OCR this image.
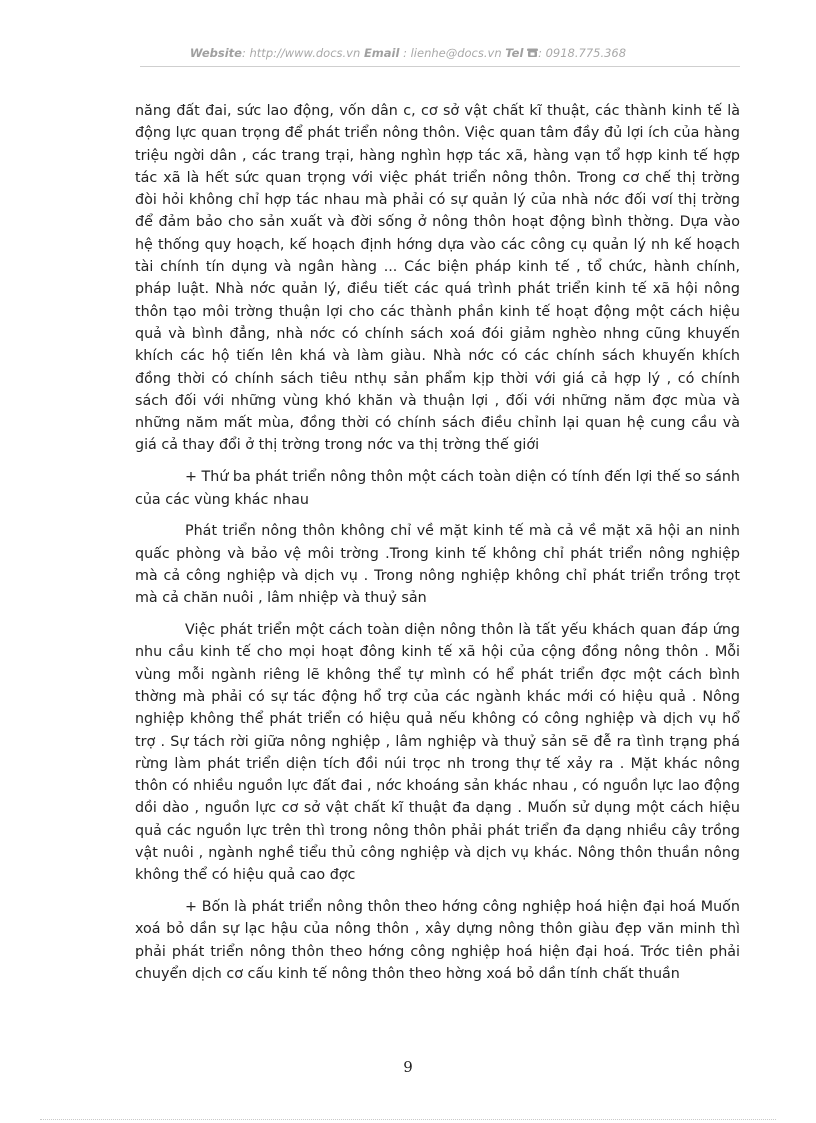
Website: http://www.docs.vn Email : lienhe@docs.vn Tel : 0918.775.368

năng đất đai, sức lao động, vốn dân c, cơ sở vật chất kĩ thuật, các thành kinh tế là động lực quan trọng để phát triển nông thôn. Việc quan tâm đầy đủ lợi ích của hàng triệu ngời dân , các trang trại, hàng nghìn hợp tác xã, hàng vạn tổ hợp kinh tế hợp tác xã là hết sức quan trọng với việc phát triển nông thôn. Trong cơ chế thị trờng đòi hỏi không chỉ hợp tác nhau mà phải có sự quản lý của nhà nớc đối vơí thị trờng để đảm bảo cho sản xuất và đời sống ở nông thôn hoạt động bình thờng. Dựa vào hệ thống quy hoạch, kế hoạch định hớng dựa vào các công cụ quản lý nh kế hoạch tài chính tín dụng và ngân hàng ... Các biện pháp kinh tế , tổ chức, hành chính, pháp luật. Nhà nớc quản lý, điều tiết các quá trình phát triển kinh tế xã hội nông thôn tạo môi trờng thuận lợi cho các thành phần kinh tế hoạt động một cách hiệu quả và bình đẳng, nhà nớc có chính sách xoá đói giảm nghèo nhng cũng khuyến khích các hộ tiến lên khá và làm giàu. Nhà nớc có các chính sách khuyến khích đồng thời có chính sách tiêu nthụ sản phẩm kịp thời với giá cả hợp lý , có chính sách đối với những vùng khó khăn và thuận lợi , đối với những năm đợc mùa và những năm mất mùa, đồng thời có chính sách điều chỉnh lại quan hệ cung cầu và giá cả thay đổi ở thị trờng trong nớc va thị trờng thế giới

+ Thứ ba phát triển nông thôn một cách toàn diện có tính đến lợi thế so sánh của các vùng khác nhau

Phát triển nông thôn không chỉ về mặt kinh tế mà cả về mặt xã hội an ninh quấc phòng và bảo vệ môi trờng .Trong kinh tế không chỉ phát triển nông nghiệp mà cả công nghiệp và dịch vụ . Trong nông nghiệp không chỉ phát triển trồng trọt mà cả chăn nuôi , lâm nhiệp và thuỷ sản

Việc phát triển một cách toàn diện nông thôn là tất yếu khách quan đáp ứng nhu cầu kinh tế cho mọi hoạt đông kinh tế xã hội của cộng đồng nông thôn . Mỗi vùng mỗi ngành riêng lẽ không thể tự mình có hể phát triển đợc một cách bình thờng mà phải có sự tác động hổ trợ của các ngành khác mới có hiệu quả . Nông nghiệp không thể phát triển có hiệu quả nếu không có công nghiệp và dịch vụ hổ trợ . Sự tách rời giữa nông nghiệp , lâm nghiệp và thuỷ sản sẽ đễ ra tình trạng phá rừng làm phát triển diện tích đồi núi trọc nh trong thự tế xảy ra . Mặt khác nông thôn có nhiều nguồn lực đất đai , nớc khoáng sản khác nhau , có nguồn lực lao động dồi dào , nguồn lực cơ sở vật chất kĩ thuật đa dạng . Muốn sử dụng một cách hiệu quả các nguồn lực trên thì trong nông thôn phải phát triển đa dạng nhiều cây trồng vật nuôi , ngành nghề tiểu thủ công nghiệp và dịch vụ khác. Nông thôn thuần nông không thể có hiệu quả cao đợc

+ Bốn là phát triển nông thôn theo hớng công nghiệp hoá hiện đại hoá Muốn xoá bỏ dần sự lạc hậu của nông thôn , xây dựng nông thôn giàu đẹp văn minh thì phải phát triển nông thôn theo hớng công nghiệp hoá hiện đại hoá. Trớc tiên phải chuyển dịch cơ cấu kinh tế nông thôn theo hờng xoá bỏ dần tính chất thuần

9
